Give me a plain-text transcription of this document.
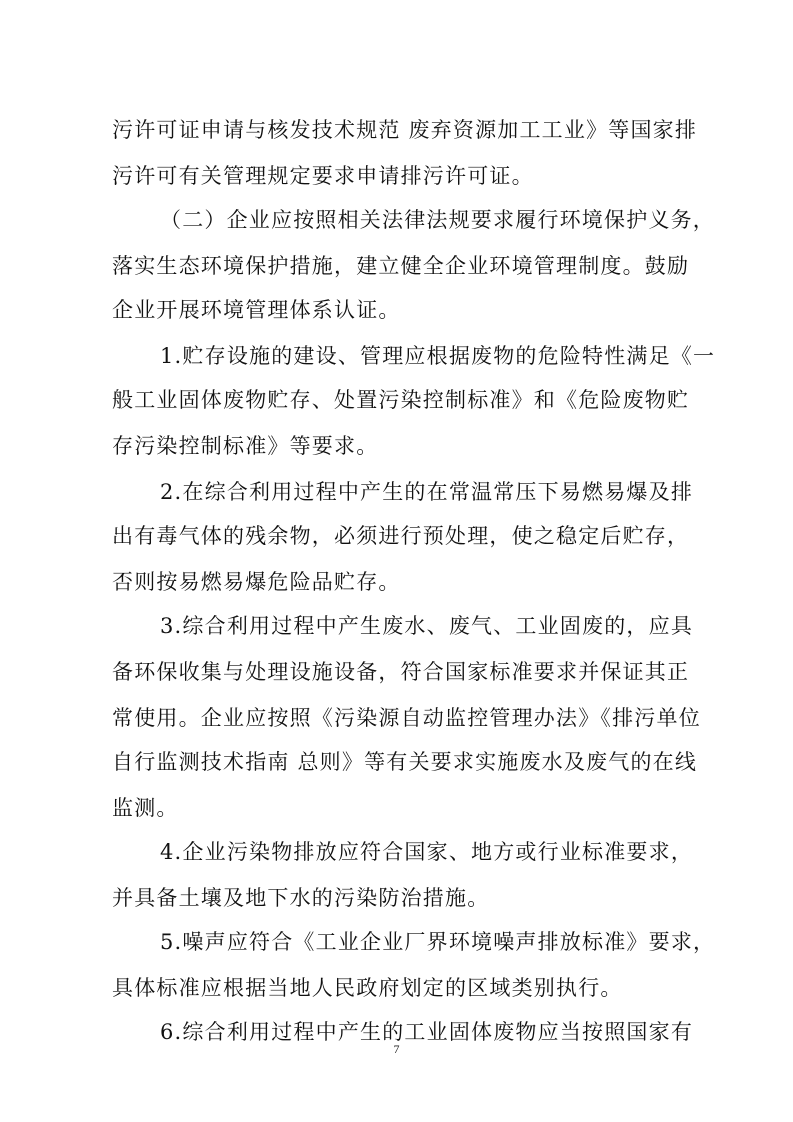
污许可证申请与核发技术规范 废弃资源加工工业》等国家排
污许可有关管理规定要求申请排污许可证。
（二）企业应按照相关法律法规要求履行环境保护义务，
落实生态环境保护措施，建立健全企业环境管理制度。鼓励
企业开展环境管理体系认证。
1.贮存设施的建设、管理应根据废物的危险特性满足《一
般工业固体废物贮存、处置污染控制标准》和《危险废物贮
存污染控制标准》等要求。
2.在综合利用过程中产生的在常温常压下易燃易爆及排
出有毒气体的残余物，必须进行预处理，使之稳定后贮存，
否则按易燃易爆危险品贮存。
3.综合利用过程中产生废水、废气、工业固废的，应具
备环保收集与处理设施设备，符合国家标准要求并保证其正
常使用。企业应按照《污染源自动监控管理办法》《排污单位
自行监测技术指南 总则》等有关要求实施废水及废气的在线
监测。
4.企业污染物排放应符合国家、地方或行业标准要求，
并具备土壤及地下水的污染防治措施。
5.噪声应符合《工业企业厂界环境噪声排放标准》要求，
具体标准应根据当地人民政府划定的区域类别执行。
6.综合利用过程中产生的工业固体废物应当按照国家有
7
